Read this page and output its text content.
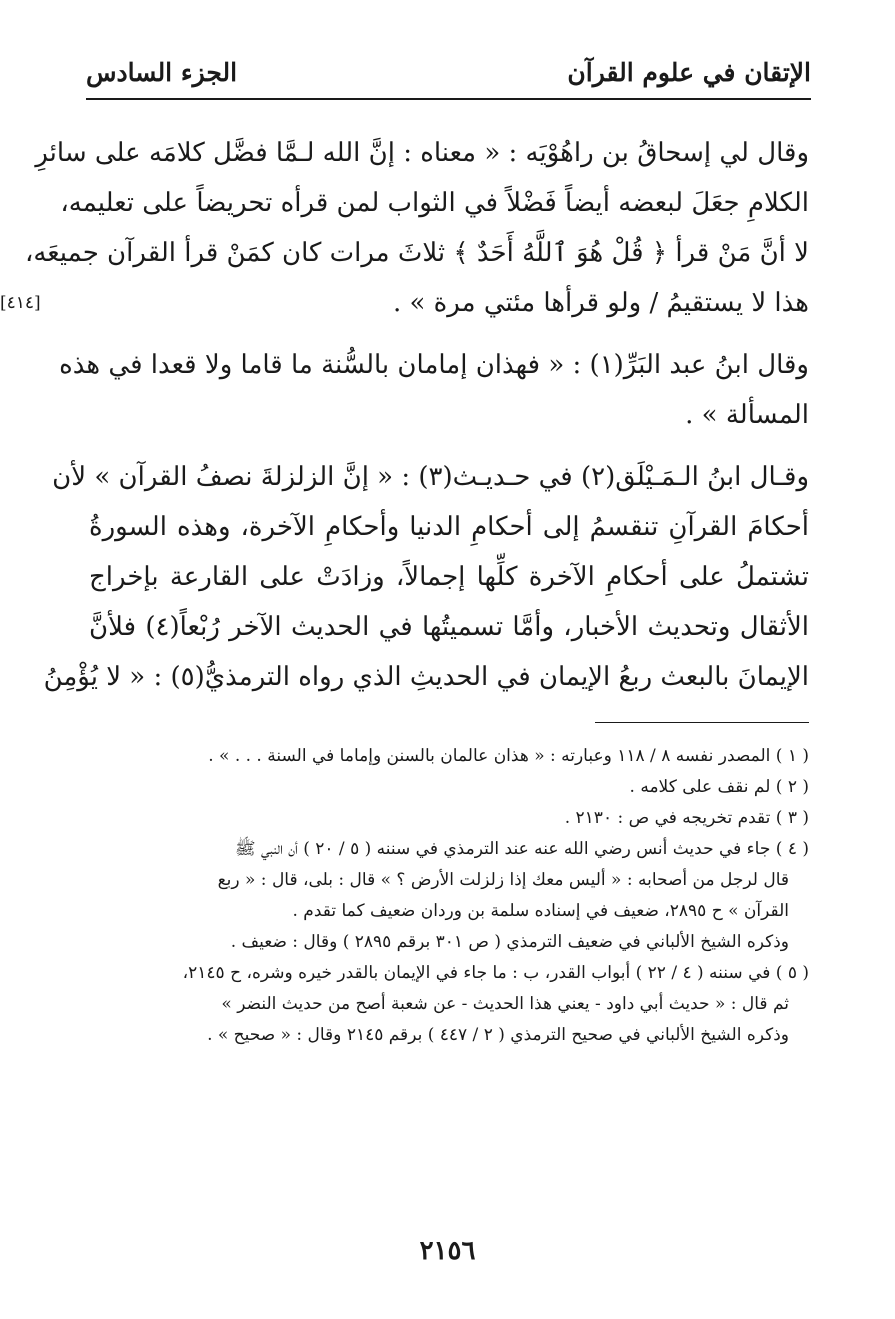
الإتقان في علوم القرآن
الجزء السادس
[٤١٤]
وقال لي إسحاقُ بن راهُوْيَه : « معناه : إنَّ الله لـمَّا فضَّل كلامَه على سائرِ
الكلامِ جعَلَ لبعضه أيضاً فَضْلاً في الثواب لمن قرأه تحريضاً على تعليمه،
لا أنَّ مَنْ قرأ ﴿ قُلْ هُوَ ٱللَّهُ أَحَدٌ ﴾ ثلاثَ مرات كان كمَنْ قرأ القرآن جميعَه،
هذا لا يستقيمُ / ولو قرأها مئتي مرة » .
وقال ابنُ عبد البَرِّ(١) : « فهذان إمامان بالسُّنة ما قاما ولا قعدا في هذه
المسألة » .
وقـال ابنُ الـمَـيْلَق(٢) في حـديـث(٣) : « إنَّ الزلزلةَ نصفُ القرآن » لأن
أحكامَ القرآنِ تنقسمُ إلى أحكامِ الدنيا وأحكامِ الآخرة، وهذه السورةُ
تشتملُ على أحكامِ الآخرة كلِّها إجمالاً، وزادَتْ على القارعة بإخراج
الأثقال وتحديث الأخبار، وأمَّا تسميتُها في الحديث الآخر رُبْعاً(٤) فلأنَّ
الإيمانَ بالبعث ربعُ الإيمان في الحديثِ الذي رواه الترمذيُّ(٥) : « لا يُؤْمِنُ
( ١ ) المصدر نفسه ٨ / ١١٨ وعبارته : « هذان عالمان بالسنن وإماما في السنة . . . » .
( ٢ ) لم نقف على كلامه .
( ٣ ) تقدم تخريجه في ص : ٢١٣٠ .
( ٤ ) جاء في حديث أنس رضي الله عنه عند الترمذي في سننه ( ٥ / ٢٠ ) أن النبي ﷺ
قال لرجل من أصحابه : « أليس معك إذا زلزلت الأرض ؟ » قال : بلى، قال : « ربع
القرآن » ح ٢٨٩٥، ضعيف في إسناده سلمة بن وردان ضعيف كما تقدم .
وذكره الشيخ الألباني في ضعيف الترمذي ( ص ٣٠١ برقم ٢٨٩٥ ) وقال : ضعيف .
( ٥ ) في سننه ( ٤ / ٢٢ ) أبواب القدر، ب : ما جاء في الإيمان بالقدر خيره وشره، ح ٢١٤٥،
ثم قال : « حديث أبي داود - يعني هذا الحديث - عن شعبة أصح من حديث النضر »
وذكره الشيخ الألباني في صحيح الترمذي ( ٢ / ٤٤٧ ) برقم ٢١٤٥ وقال : « صحيح » .
٢١٥٦
